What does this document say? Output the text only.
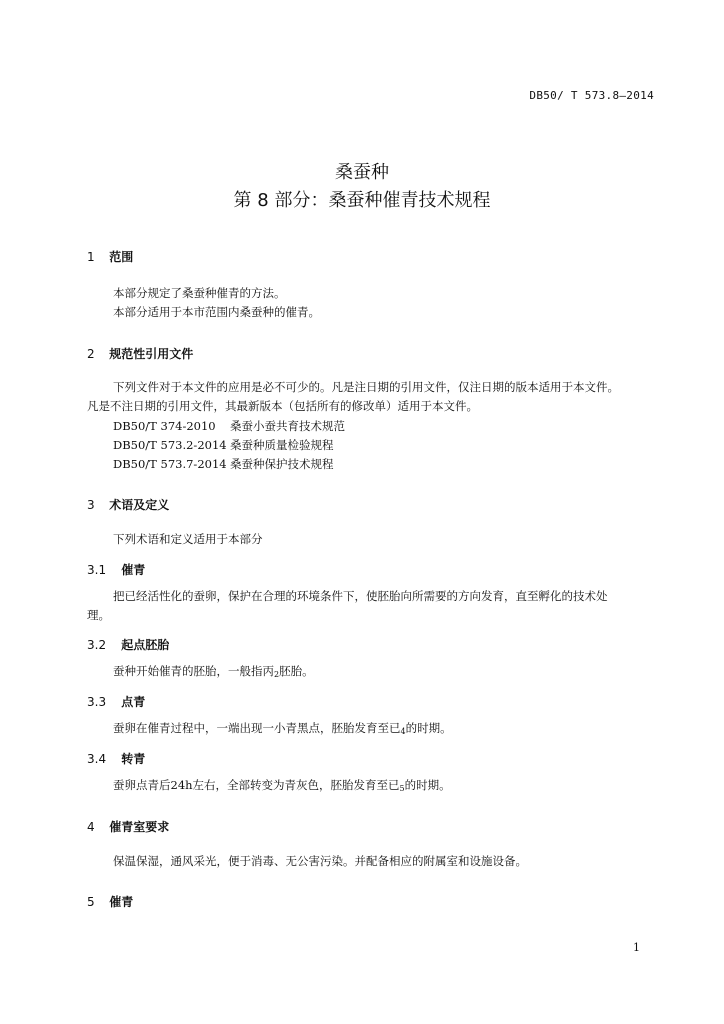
DB50/ T 573.8—2014
桑蚕种
第 8 部分：桑蚕种催青技术规程
1 范围
本部分规定了桑蚕种催青的方法。
本部分适用于本市范围内桑蚕种的催青。
2 规范性引用文件
下列文件对于本文件的应用是必不可少的。凡是注日期的引用文件，仅注日期的版本适用于本文件。
凡是不注日期的引用文件，其最新版本（包括所有的修改单）适用于本文件。
DB50/T 374-2010 桑蚕小蚕共育技术规范
DB50/T 573.2-2014 桑蚕种质量检验规程
DB50/T 573.7-2014 桑蚕种保护技术规程
3 术语及定义
下列术语和定义适用于本部分
3.1 催青
把已经活性化的蚕卵，保护在合理的环境条件下，使胚胎向所需要的方向发育，直至孵化的技术处
理。
3.2 起点胚胎
蚕种开始催青的胚胎，一般指丙$_2$胚胎。
3.3 点青
蚕卵在催青过程中，一端出现一小青黑点，胚胎发育至已$_4$的时期。
3.4 转青
蚕卵点青后24h左右，全部转变为青灰色，胚胎发育至已$_5$的时期。
4 催青室要求
保温保湿，通风采光，便于消毒、无公害污染。并配备相应的附属室和设施设备。
5 催青
1
